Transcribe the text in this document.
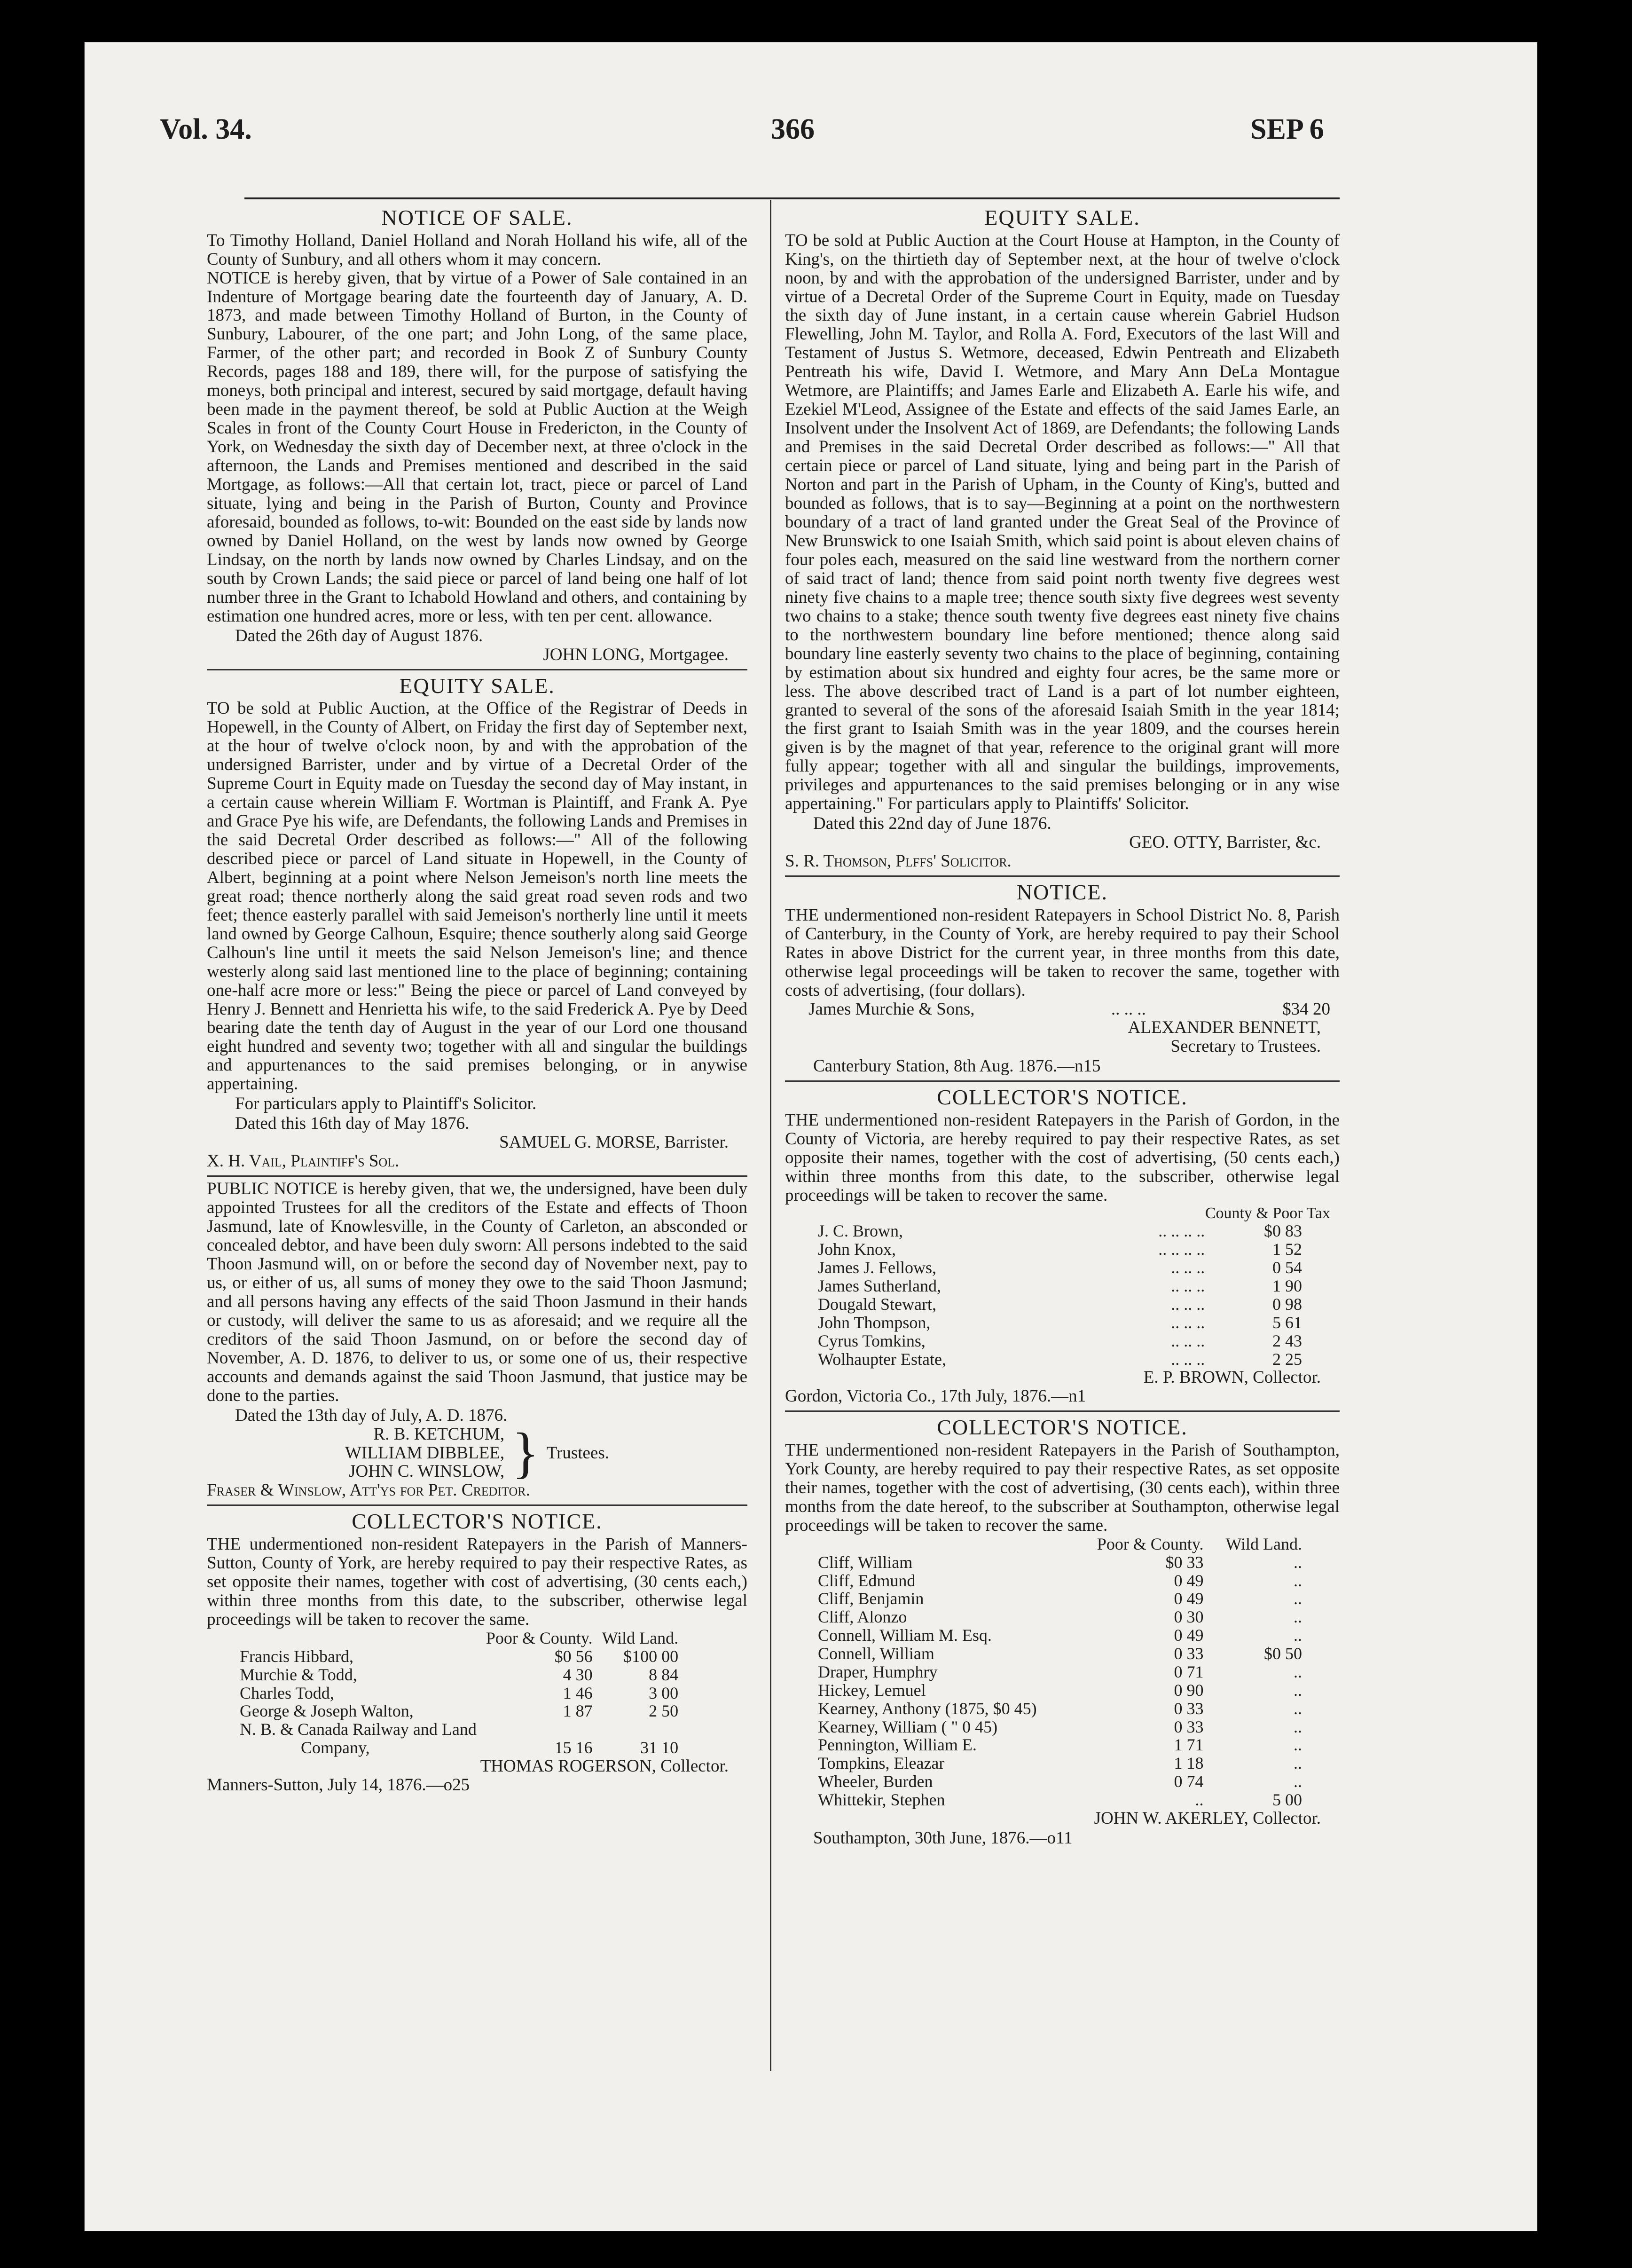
Vol. 34.	366	SEP 6
NOTICE OF SALE.

To Timothy Holland, Daniel Holland and Norah Holland his wife, all of the County of Sunbury, and all others whom it may concern.

NOTICE is hereby given, that by virtue of a Power of Sale contained in an Indenture of Mortgage bearing date the fourteenth day of January, A. D. 1873, and made between Timothy Holland of Burton, in the County of Sunbury, Labourer, of the one part; and John Long, of the same place, Farmer, of the other part; and recorded in Book Z of Sunbury County Records, pages 188 and 189, there will, for the purpose of satisfying the moneys, both principal and interest, secured by said mortgage, default having been made in the payment thereof, be sold at Public Auction at the Weigh Scales in front of the County Court House in Fredericton, in the County of York, on Wednesday the sixth day of December next, at three o'clock in the afternoon, the Lands and Premises mentioned and described in the said Mortgage, as follows:—All that certain lot, tract, piece or parcel of Land situate, lying and being in the Parish of Burton, County and Province aforesaid, bounded as follows, to-wit: Bounded on the east side by lands now owned by Daniel Holland, on the west by lands now owned by George Lindsay, on the north by lands now owned by Charles Lindsay, and on the south by Crown Lands; the said piece or parcel of land being one half of lot number three in the Grant to Ichabold Howland and others, and containing by estimation one hundred acres, more or less, with ten per cent. allowance.

Dated the 26th day of August 1876.

JOHN LONG, Mortgagee.

EQUITY SALE.

TO be sold at Public Auction, at the Office of the Registrar of Deeds in Hopewell, in the County of Albert, on Friday the first day of September next, at the hour of twelve o'clock noon, by and with the approbation of the undersigned Barrister, under and by virtue of a Decretal Order of the Supreme Court in Equity made on Tuesday the second day of May instant, in a certain cause wherein William F. Wortman is Plaintiff, and Frank A. Pye and Grace Pye his wife, are Defendants, the following Lands and Premises in the said Decretal Order described as follows:—" All of the following described piece or parcel of Land situate in Hopewell, in the County of Albert, beginning at a point where Nelson Jemeison's north line meets the great road; thence northerly along the said great road seven rods and two feet; thence easterly parallel with said Jemeison's northerly line until it meets land owned by George Calhoun, Esquire; thence southerly along said George Calhoun's line until it meets the said Nelson Jemeison's line; and thence westerly along said last mentioned line to the place of beginning; containing one-half acre more or less:" Being the piece or parcel of Land conveyed by Henry J. Bennett and Henrietta his wife, to the said Frederick A. Pye by Deed bearing date the tenth day of August in the year of our Lord one thousand eight hundred and seventy two; together with all and singular the buildings and appurtenances to the said premises belonging, or in anywise appertaining.

For particulars apply to Plaintiff's Solicitor.

Dated this 16th day of May 1876.

SAMUEL G. MORSE, Barrister.

X. H. Vail, Plaintiff's Sol.

PUBLIC NOTICE is hereby given, that we, the undersigned, have been duly appointed Trustees for all the creditors of the Estate and effects of Thoon Jasmund, late of Knowlesville, in the County of Carleton, an absconded or concealed debtor, and have been duly sworn: All persons indebted to the said Thoon Jasmund will, on or before the second day of November next, pay to us, or either of us, all sums of money they owe to the said Thoon Jasmund; and all persons having any effects of the said Thoon Jasmund in their hands or custody, will deliver the same to us as aforesaid; and we require all the creditors of the said Thoon Jasmund, on or before the second day of November, A. D. 1876, to deliver to us, or some one of us, their respective accounts and demands against the said Thoon Jasmund, that justice may be done to the parties.

Dated the 13th day of July, A. D. 1876.

R. B. KETCHUM,
WILLIAM DIBBLEE,
JOHN C. WINSLOW, } Trustees.

Fraser & Winslow, Att'ys for Pet. Creditor.

COLLECTOR'S NOTICE.

THE undermentioned non-resident Ratepayers in the Parish of Manners-Sutton, County of York, are hereby required to pay their respective Rates, as set opposite their names, together with cost of advertising, (30 cents each,) within three months from this date, to the subscriber, otherwise legal proceedings will be taken to recover the same.

	Poor & County.	Wild Land.
Francis Hibbard,	$0 56	$100 00
Murchie & Todd,	4 30	8 84
Charles Todd,	1 46	3 00
George & Joseph Walton,	1 87	2 50
N. B. & Canada Railway and Land		
Company,	15 16	31 10

THOMAS ROGERSON, Collector.

Manners-Sutton, July 14, 1876.—o25

EQUITY SALE.

TO be sold at Public Auction at the Court House at Hampton, in the County of King's, on the thirtieth day of September next, at the hour of twelve o'clock noon, by and with the approbation of the undersigned Barrister, under and by virtue of a Decretal Order of the Supreme Court in Equity, made on Tuesday the sixth day of June instant, in a certain cause wherein Gabriel Hudson Flewelling, John M. Taylor, and Rolla A. Ford, Executors of the last Will and Testament of Justus S. Wetmore, deceased, Edwin Pentreath and Elizabeth Pentreath his wife, David I. Wetmore, and Mary Ann DeLa Montague Wetmore, are Plaintiffs; and James Earle and Elizabeth A. Earle his wife, and Ezekiel M'Leod, Assignee of the Estate and effects of the said James Earle, an Insolvent under the Insolvent Act of 1869, are Defendants; the following Lands and Premises in the said Decretal Order described as follows:—" All that certain piece or parcel of Land situate, lying and being part in the Parish of Norton and part in the Parish of Upham, in the County of King's, butted and bounded as follows, that is to say—Beginning at a point on the northwestern boundary of a tract of land granted under the Great Seal of the Province of New Brunswick to one Isaiah Smith, which said point is about eleven chains of four poles each, measured on the said line westward from the northern corner of said tract of land; thence from said point north twenty five degrees west ninety five chains to a maple tree; thence south sixty five degrees west seventy two chains to a stake; thence south twenty five degrees east ninety five chains to the northwestern boundary line before mentioned; thence along said boundary line easterly seventy two chains to the place of beginning, containing by estimation about six hundred and eighty four acres, be the same more or less. The above described tract of Land is a part of lot number eighteen, granted to several of the sons of the aforesaid Isaiah Smith in the year 1814; the first grant to Isaiah Smith was in the year 1809, and the courses herein given is by the magnet of that year, reference to the original grant will more fully appear; together with all and singular the buildings, improvements, privileges and appurtenances to the said premises belonging or in any wise appertaining." For particulars apply to Plaintiffs' Solicitor.

Dated this 22nd day of June 1876.

GEO. OTTY, Barrister, &c.

S. R. Thomson, Plffs' Solicitor.

NOTICE.

THE undermentioned non-resident Ratepayers in School District No. 8, Parish of Canterbury, in the County of York, are hereby required to pay their School Rates in above District for the current year, in three months from this date, otherwise legal proceedings will be taken to recover the same, together with costs of advertising, (four dollars).

James Murchie & Sons,	.. .. ..	$34 20

ALEXANDER BENNETT,

Secretary to Trustees.

Canterbury Station, 8th Aug. 1876.—n15

COLLECTOR'S NOTICE.

THE undermentioned non-resident Ratepayers in the Parish of Gordon, in the County of Victoria, are hereby required to pay their respective Rates, as set opposite their names, together with the cost of advertising, (50 cents each,) within three months from this date, to the subscriber, otherwise legal proceedings will be taken to recover the same.

County & Poor Tax
J. C. Brown,	.. .. .. ..	$0 83
John Knox,	.. .. .. ..	1 52
James J. Fellows,	.. .. ..	0 54
James Sutherland,	.. .. ..	1 90
Dougald Stewart,	.. .. ..	0 98
John Thompson,	.. .. ..	5 61
Cyrus Tomkins,	.. .. ..	2 43
Wolhaupter Estate,	.. .. ..	2 25

E. P. BROWN, Collector.

Gordon, Victoria Co., 17th July, 1876.—n1

COLLECTOR'S NOTICE.

THE undermentioned non-resident Ratepayers in the Parish of Southampton, York County, are hereby required to pay their respective Rates, as set opposite their names, together with the cost of advertising, (30 cents each), within three months from the date hereof, to the subscriber at Southampton, otherwise legal proceedings will be taken to recover the same.

	Poor & County.	Wild Land.
Cliff, William	$0 33	..
Cliff, Edmund	0 49	..
Cliff, Benjamin	0 49	..
Cliff, Alonzo	0 30	..
Connell, William M. Esq.	0 49	..
Connell, William	0 33	$0 50
Draper, Humphry	0 71	..
Hickey, Lemuel	0 90	..
Kearney, Anthony (1875, $0 45)	0 33	..
Kearney, William ( " 0 45)	0 33	..
Pennington, William E.	1 71	..
Tompkins, Eleazar	1 18	..
Wheeler, Burden	0 74	..
Whittekir, Stephen	..	5 00

JOHN W. AKERLEY, Collector.

Southampton, 30th June, 1876.—o11
